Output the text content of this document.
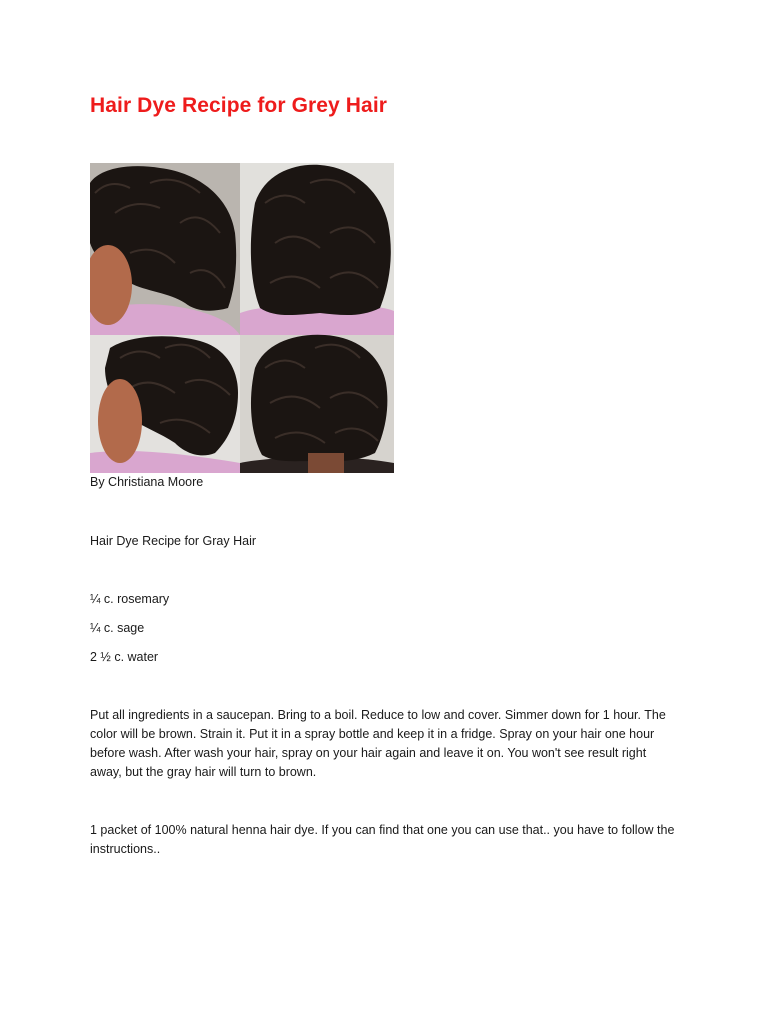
Hair Dye Recipe for Grey Hair

By Christiana Moore

Hair Dye Recipe for Gray Hair

¼ c. rosemary

¼ c. sage

2 ½ c. water

Put all ingredients in a saucepan. Bring to a boil. Reduce to low and cover. Simmer down for 1 hour. The color will be brown. Strain it. Put it in a spray bottle and keep it in a fridge. Spray on your hair one hour before wash. After wash your hair, spray on your hair again and leave it on. You won't see result right away, but the gray hair will turn to brown.

1 packet of 100% natural henna hair dye. If you can find that one you can use that.. you have to follow the instructions..
